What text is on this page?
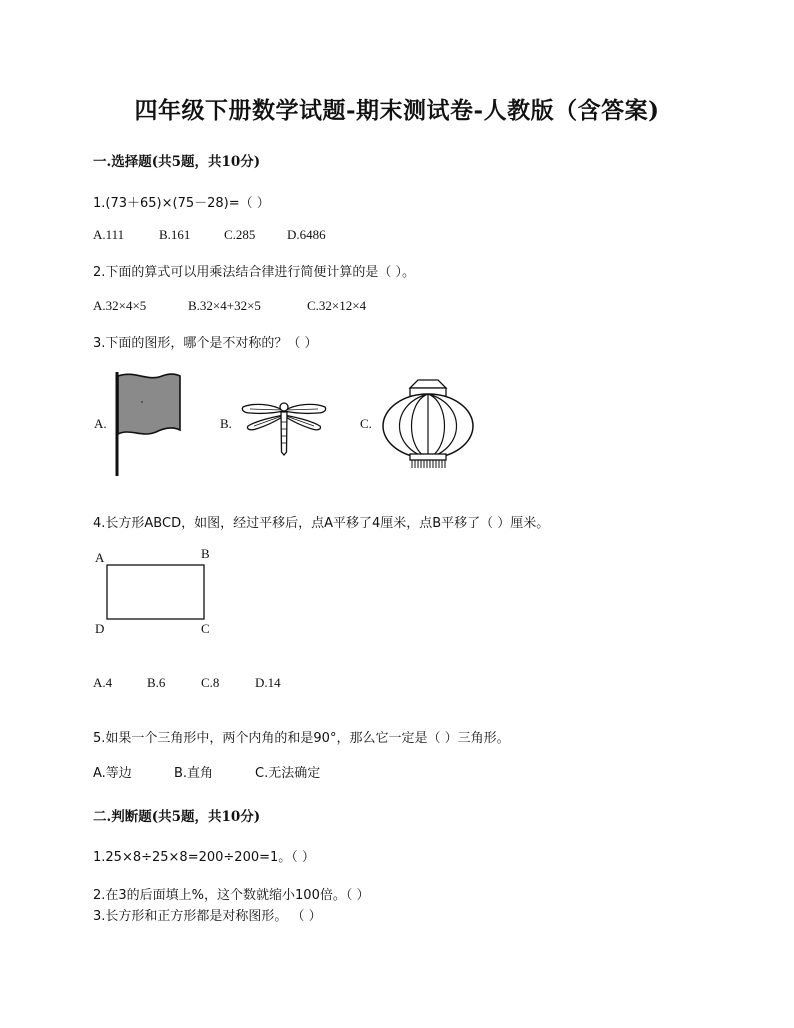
四年级下册数学试题-期末测试卷-人教版（含答案)
一.选择题(共5题，共10分)
1.(73＋65)×(75－28)=（ ）
A.111	B.161	C.285 D.6486
2.下面的算式可以用乘法结合律进行简便计算的是（ ）。
A.32×4×5	B.32×4+32×5	C.32×12×4
3.下面的图形，哪个是不对称的？（ ）
A.	B.	C.
4.长方形ABCD，如图，经过平移后，点A平移了4厘米，点B平移了（ ）厘米。
A	B
D	C
A.4	B.6	C.8	D.14
5.如果一个三角形中，两个内角的和是90°，那么它一定是（ ）三角形。
A.等边	B.直角	C.无法确定
二.判断题(共5题，共10分)
1.25×8÷25×8=200÷200=1。（ ）
2.在3的后面填上%，这个数就缩小100倍。（ ）
3.长方形和正方形都是对称图形。 （ ）
